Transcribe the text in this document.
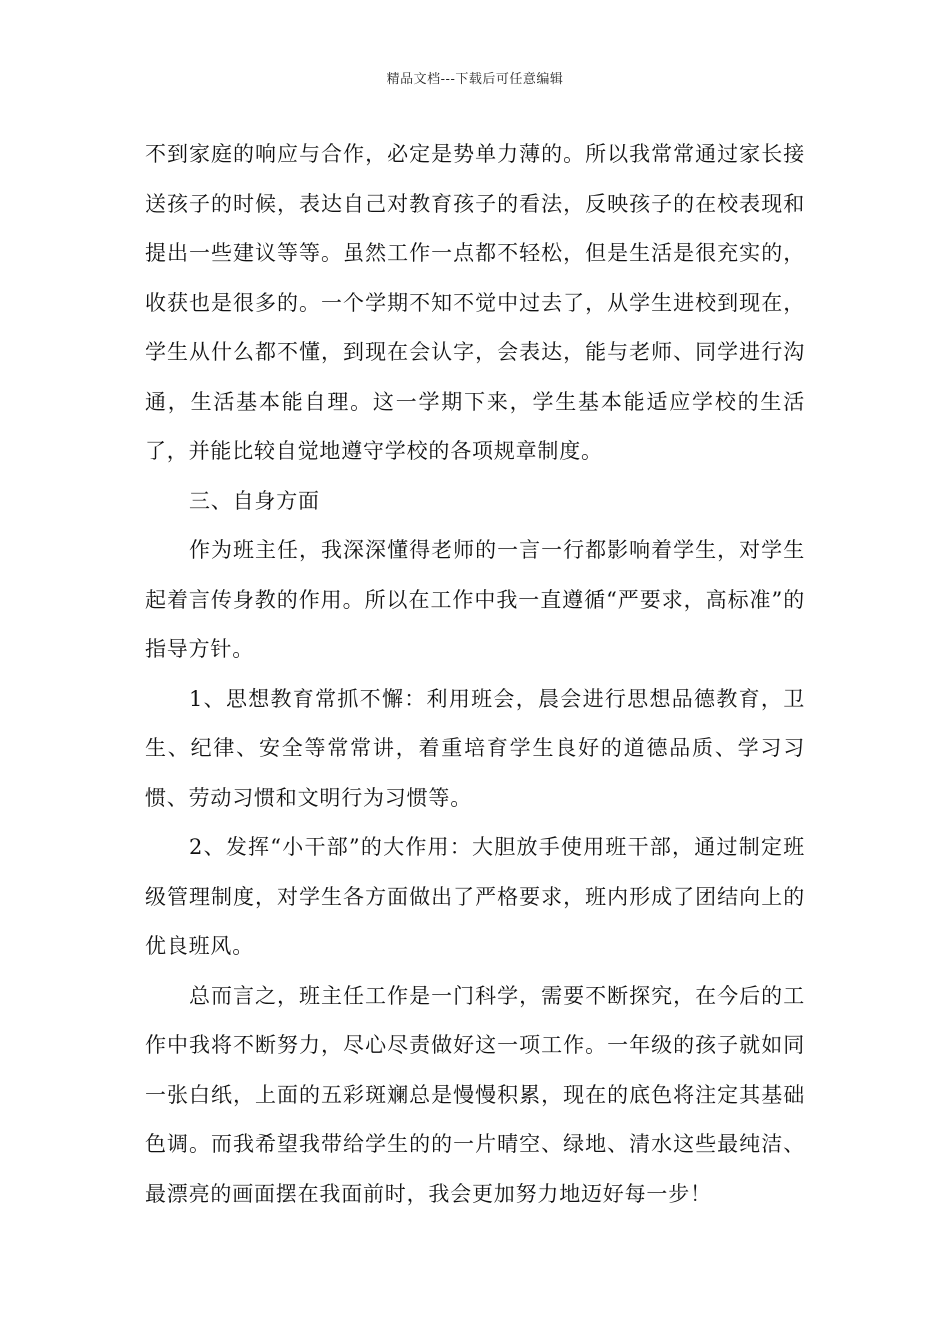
精品文档---下载后可任意编辑

不到家庭的响应与合作，必定是势单力薄的。所以我常常通过家长接送孩子的时候，表达自己对教育孩子的看法，反映孩子的在校表现和提出一些建议等等。虽然工作一点都不轻松，但是生活是很充实的，收获也是很多的。一个学期不知不觉中过去了，从学生进校到现在，学生从什么都不懂，到现在会认字，会表达，能与老师、同学进行沟通，生活基本能自理。这一学期下来，学生基本能适应学校的生活了，并能比较自觉地遵守学校的各项规章制度。

三、自身方面

作为班主任，我深深懂得老师的一言一行都影响着学生，对学生起着言传身教的作用。所以在工作中我一直遵循“严要求，高标准”的指导方针。

1、思想教育常抓不懈：利用班会，晨会进行思想品德教育，卫生、纪律、安全等常常讲，着重培育学生良好的道德品质、学习习惯、劳动习惯和文明行为习惯等。

2、发挥“小干部”的大作用：大胆放手使用班干部，通过制定班级管理制度，对学生各方面做出了严格要求，班内形成了团结向上的优良班风。

总而言之，班主任工作是一门科学，需要不断探究，在今后的工作中我将不断努力，尽心尽责做好这一项工作。一年级的孩子就如同一张白纸，上面的五彩斑斓总是慢慢积累，现在的底色将注定其基础色调。而我希望我带给学生的的一片晴空、绿地、清水这些最纯洁、最漂亮的画面摆在我面前时，我会更加努力地迈好每一步！
